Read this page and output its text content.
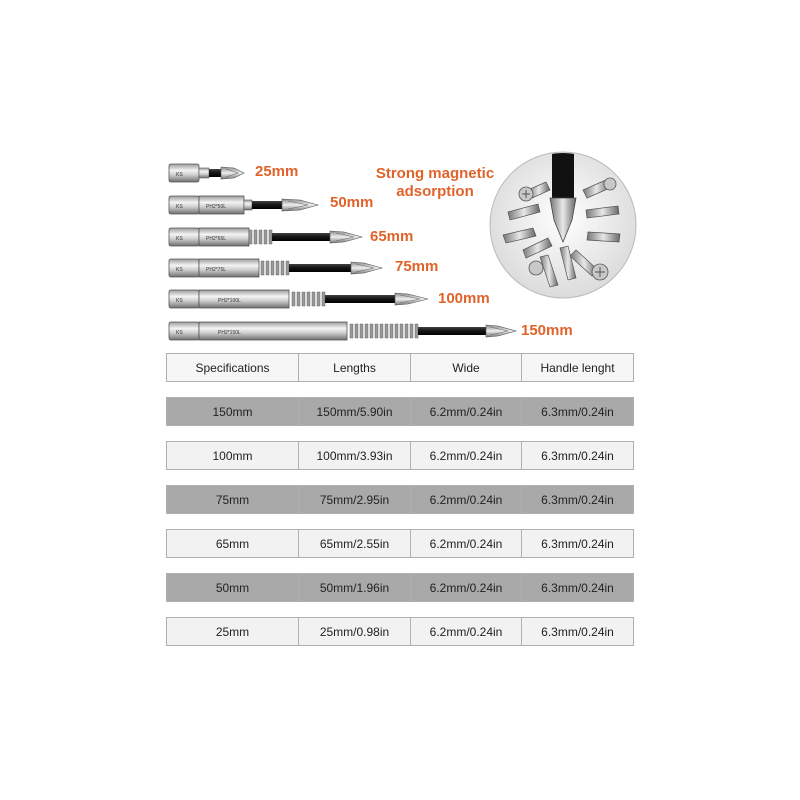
KS	25mm
KS	PH2*50L	50mm
KS	PH2*65L	65mm
KS	PH2*75L	75mm
KS	PH2*100L	100mm
KS	PH2*150L	150mm
Strong magnetic
adsorption
Specifications	Lengths	Wide	Handle lenght

150mm	150mm/5.90in	6.2mm/0.24in	6.3mm/0.24in

100mm	100mm/3.93in	6.2mm/0.24in	6.3mm/0.24in

75mm	75mm/2.95in	6.2mm/0.24in	6.3mm/0.24in

65mm	65mm/2.55in	6.2mm/0.24in	6.3mm/0.24in

50mm	50mm/1.96in	6.2mm/0.24in	6.3mm/0.24in

25mm	25mm/0.98in	6.2mm/0.24in	6.3mm/0.24in
